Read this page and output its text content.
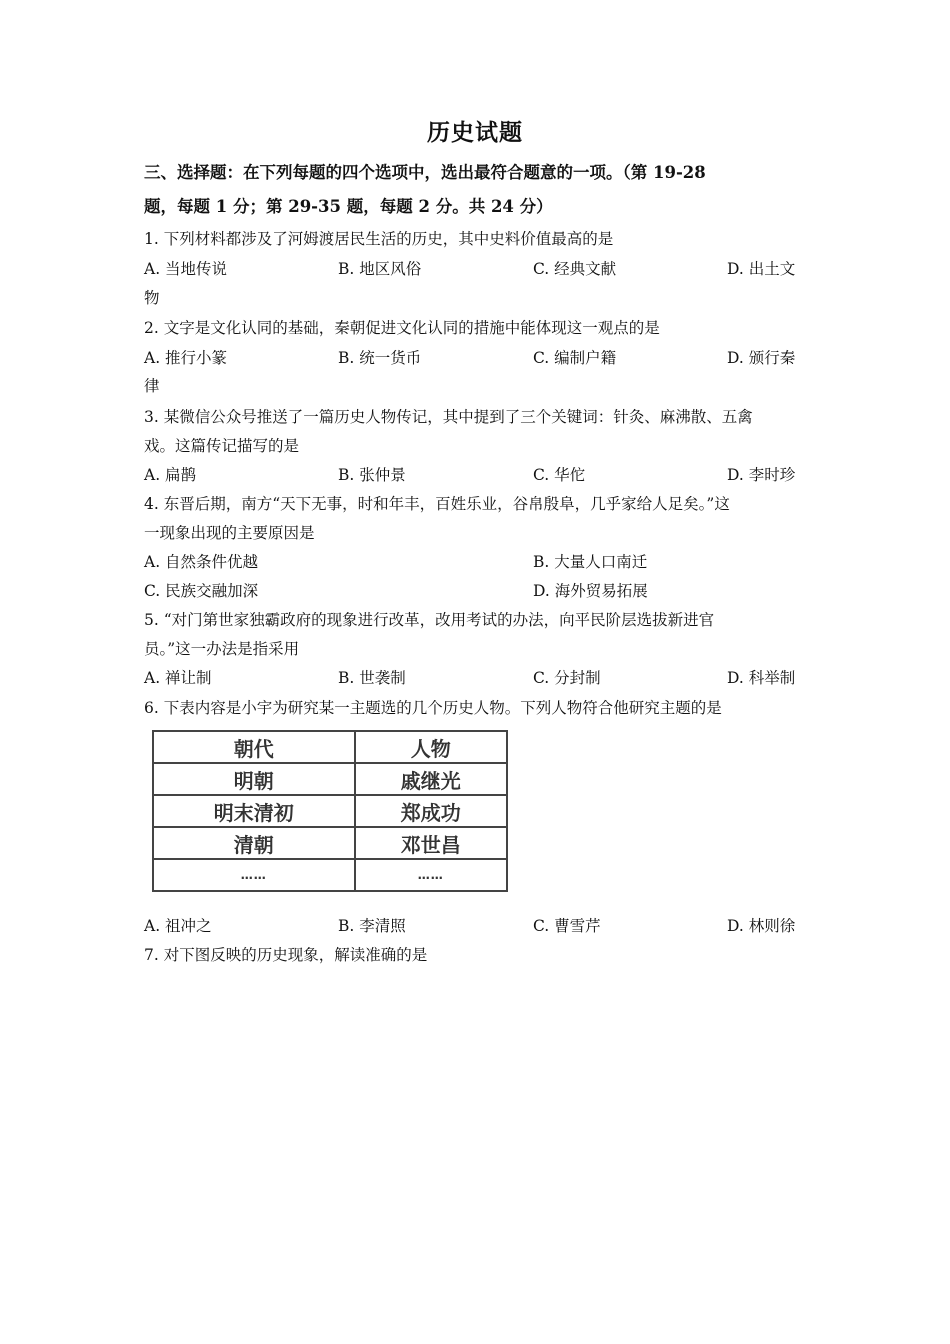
历史试题
三、选择题：在下列每题的四个选项中，选出最符合题意的一项。（第 19-28
题，每题 1 分；第 29-35 题，每题 2 分。共 24 分）
1. 下列材料都涉及了河姆渡居民生活的历史，其中史料价值最高的是
A. 当地传说	B. 地区风俗	C. 经典文献	D. 出土文
物
2. 文字是文化认同的基础，秦朝促进文化认同的措施中能体现这一观点的是
A. 推行小篆	B. 统一货币	C. 编制户籍	D. 颁行秦
律
3. 某微信公众号推送了一篇历史人物传记，其中提到了三个关键词：针灸、麻沸散、五禽
戏。这篇传记描写的是
A. 扁鹊	B. 张仲景	C. 华佗	D. 李时珍
4. 东晋后期，南方“天下无事，时和年丰，百姓乐业，谷帛殷阜，几乎家给人足矣。”这
一现象出现的主要原因是
A. 自然条件优越	B. 大量人口南迁
C. 民族交融加深	D. 海外贸易拓展
5. “对门第世家独霸政府的现象进行改革，改用考试的办法，向平民阶层选拔新进官
员。”这一办法是指采用
A. 禅让制	B. 世袭制	C. 分封制	D. 科举制
6. 下表内容是小宇为研究某一主题选的几个历史人物。下列人物符合他研究主题的是
朝代	人物
明朝	戚继光
明末清初	郑成功
清朝	邓世昌
……	……
A. 祖冲之	B. 李清照	C. 曹雪芹	D. 林则徐
7. 对下图反映的历史现象，解读准确的是
